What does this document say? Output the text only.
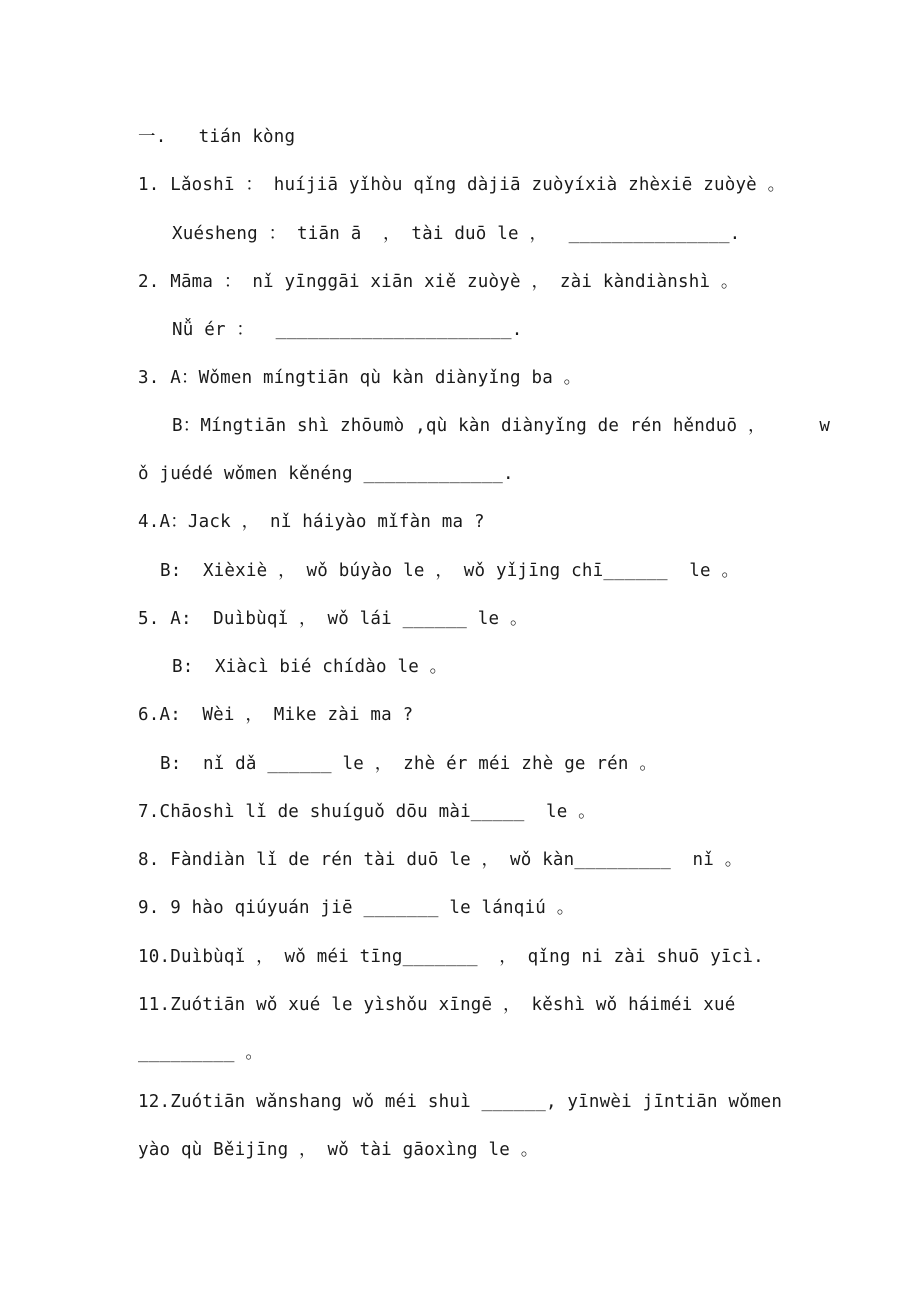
一.   tián kòng
1. Lǎoshī ： huíjiā yǐhòu qǐng dàjiā zuòyíxià zhèxiē zuòyè 。
Xuésheng ： tiān ā  ， tài duō le ，  _______________.
2. Māma ： nǐ yīnggāi xiān xiě zuòyè ， zài kàndiànshì 。
Nǚ ér ：  ______________________.
3. A：Wǒmen míngtiān qù kàn diànyǐng ba 。
B：Míngtiān shì zhōumò ,qù kàn diànyǐng de rén hěnduō ，     w
ǒ juédé wǒmen kěnéng _____________.
4.A：Jack ， nǐ háiyào mǐfàn ma ?
B:  Xièxiè ， wǒ búyào le ， wǒ yǐjīng chī______  le 。
5. A:  Duìbùqǐ ， wǒ lái ______ le 。
B:  Xiàcì bié chídào le 。
6.A:  Wèi ， Mike zài ma ?
B:  nǐ dǎ ______ le ， zhè ér méi zhè ge rén 。
7.Chāoshì lǐ de shuíguǒ dōu mài_____  le 。
8. Fàndiàn lǐ de rén tài duō le ， wǒ kàn_________  nǐ 。
9. 9 hào qiúyuán jiē _______ le lánqiú 。
10.Duìbùqǐ ， wǒ méi tīng_______  ， qǐng ni zài shuō yīcì.
11.Zuótiān wǒ xué le yìshǒu xīngē ， kěshì wǒ háiméi xué
_________ 。
12.Zuótiān wǎnshang wǒ méi shuì ______, yīnwèi jīntiān wǒmen
yào qù Běijīng ， wǒ tài gāoxìng le 。
